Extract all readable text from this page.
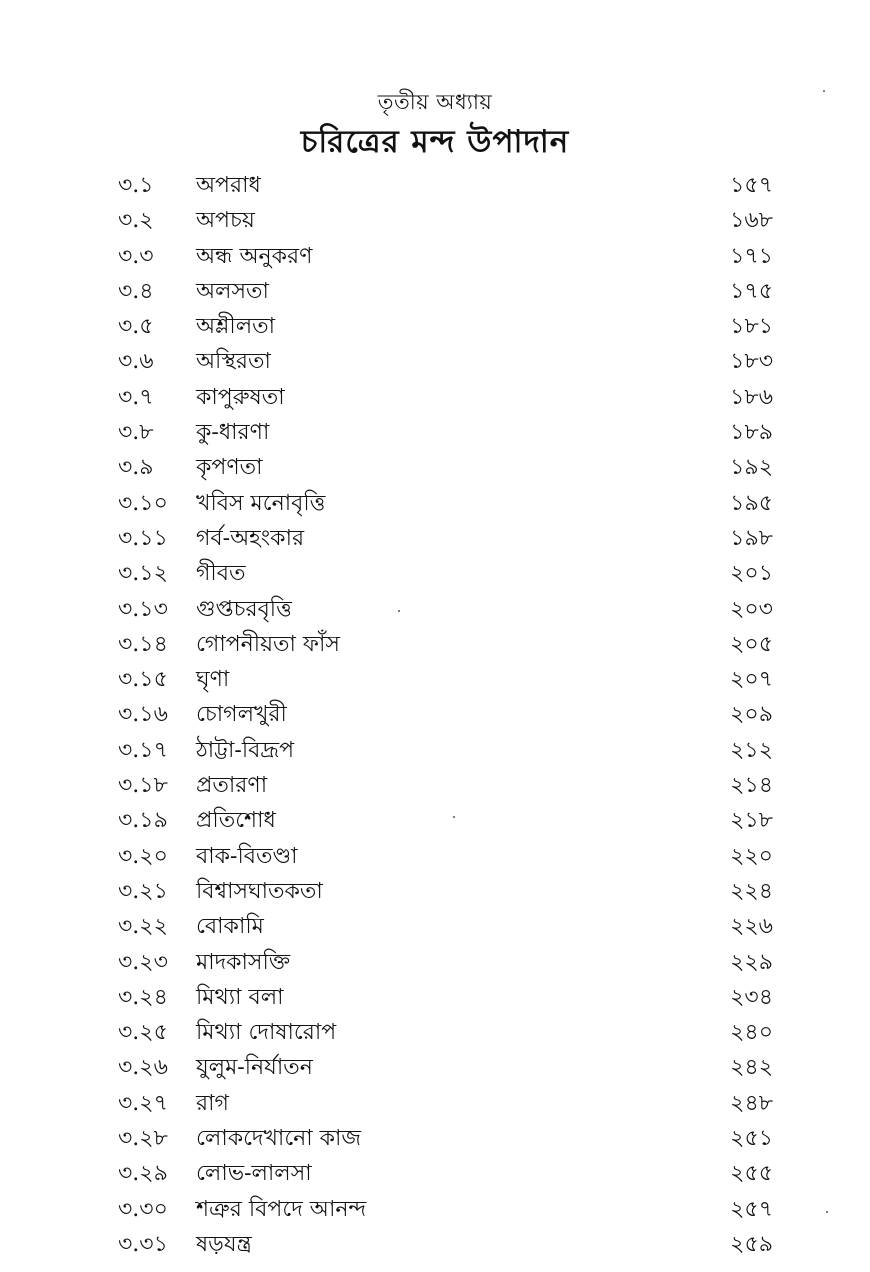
তৃতীয় অধ্যায়
চরিত্রের মন্দ উপাদান
৩.১ অপরাধ	১৫৭
৩.২ অপচয়	১৬৮
৩.৩ অন্ধ অনুকরণ	১৭১
৩.৪ অলসতা	১৭৫
৩.৫ অশ্লীলতা	১৮১
৩.৬ অস্থিরতা	১৮৩
৩.৭ কাপুরুষতা	১৮৬
৩.৮ কু-ধারণা	১৮৯
৩.৯ কৃপণতা	১৯২
৩.১০ খবিস মনোবৃত্তি	১৯৫
৩.১১ গর্ব-অহংকার	১৯৮
৩.১২ গীবত	২০১
৩.১৩ গুপ্তচরবৃত্তি	২০৩
৩.১৪ গোপনীয়তা ফাঁস	২০৫
৩.১৫ ঘৃণা	২০৭
৩.১৬ চোগলখুরী	২০৯
৩.১৭ ঠাট্টা-বিদ্রূপ	২১২
৩.১৮ প্রতারণা	২১৪
৩.১৯ প্রতিশোধ	২১৮
৩.২০ বাক-বিতণ্ডা	২২০
৩.২১ বিশ্বাসঘাতকতা	২২৪
৩.২২ বোকামি	২২৬
৩.২৩ মাদকাসক্তি	২২৯
৩.২৪ মিথ্যা বলা	২৩৪
৩.২৫ মিথ্যা দোষারোপ	২৪০
৩.২৬ যুলুম-নির্যাতন	২৪২
৩.২৭ রাগ	২৪৮
৩.২৮ লোকদেখানো কাজ	২৫১
৩.২৯ লোভ-লালসা	২৫৫
৩.৩০ শত্রুর বিপদে আনন্দ	২৫৭
৩.৩১ ষড়যন্ত্র	২৫৯
